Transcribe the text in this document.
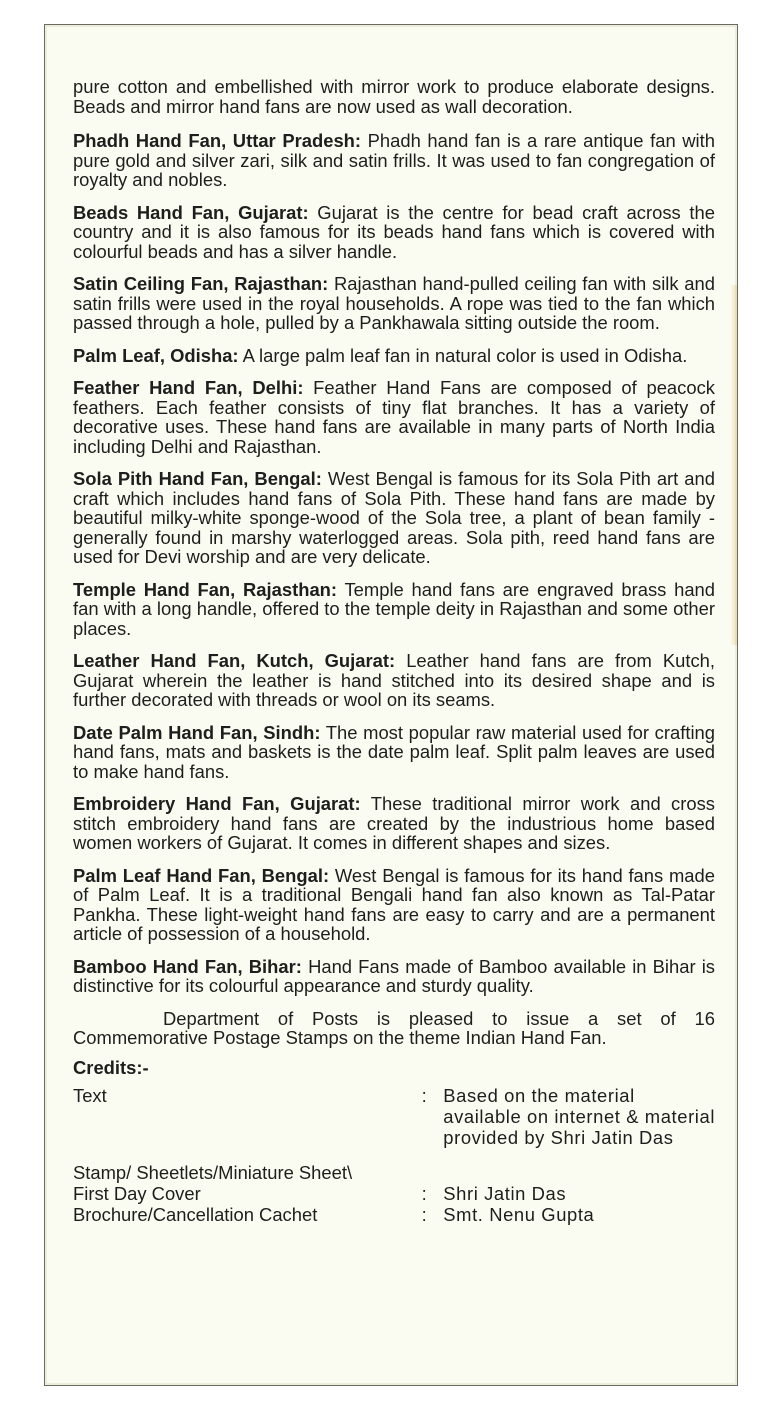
pure cotton and embellished with mirror work to produce elaborate designs. Beads and mirror hand fans are now used as wall decoration.

Phadh Hand Fan, Uttar Pradesh: Phadh hand fan is a rare antique fan with pure gold and silver zari, silk and satin frills. It was used to fan congregation of royalty and nobles.

Beads Hand Fan, Gujarat: Gujarat is the centre for bead craft across the country and it is also famous for its beads hand fans which is covered with colourful beads and has a silver handle.

Satin Ceiling Fan, Rajasthan: Rajasthan hand-pulled ceiling fan with silk and satin frills were used in the royal households. A rope was tied to the fan which passed through a hole, pulled by a Pankhawala sitting outside the room.

Palm Leaf, Odisha: A large palm leaf fan in natural color is used in Odisha.

Feather Hand Fan, Delhi: Feather Hand Fans are composed of peacock feathers. Each feather consists of tiny flat branches. It has a variety of decorative uses. These hand fans are available in many parts of North India including Delhi and Rajasthan.

Sola Pith Hand Fan, Bengal: West Bengal is famous for its Sola Pith art and craft which includes hand fans of Sola Pith. These hand fans are made by beautiful milky-white sponge-wood of the Sola tree, a plant of bean family - generally found in marshy waterlogged areas. Sola pith, reed hand fans are used for Devi worship and are very delicate.

Temple Hand Fan, Rajasthan: Temple hand fans are engraved brass hand fan with a long handle, offered to the temple deity in Rajasthan and some other places.

Leather Hand Fan, Kutch, Gujarat: Leather hand fans are from Kutch, Gujarat wherein the leather is hand stitched into its desired shape and is further decorated with threads or wool on its seams.

Date Palm Hand Fan, Sindh: The most popular raw material used for crafting hand fans, mats and baskets is the date palm leaf. Split palm leaves are used to make hand fans.

Embroidery Hand Fan, Gujarat: These traditional mirror work and cross stitch embroidery hand fans are created by the industrious home based women workers of Gujarat. It comes in different shapes and sizes.

Palm Leaf Hand Fan, Bengal: West Bengal is famous for its hand fans made of Palm Leaf. It is a traditional Bengali hand fan also known as Tal-Patar Pankha. These light-weight hand fans are easy to carry and are a permanent article of possession of a household.

Bamboo Hand Fan, Bihar: Hand Fans made of Bamboo available in Bihar is distinctive for its colourful appearance and sturdy quality.

Department of Posts is pleased to issue a set of 16 Commemorative Postage Stamps on the theme Indian Hand Fan.

Credits:-
Text	:	Based on the material available on internet & material provided by Shri Jatin Das
Stamp/ Sheetlets/Miniature Sheet\		
First Day Cover	:	Shri Jatin Das
Brochure/Cancellation Cachet	:	Smt. Nenu Gupta
